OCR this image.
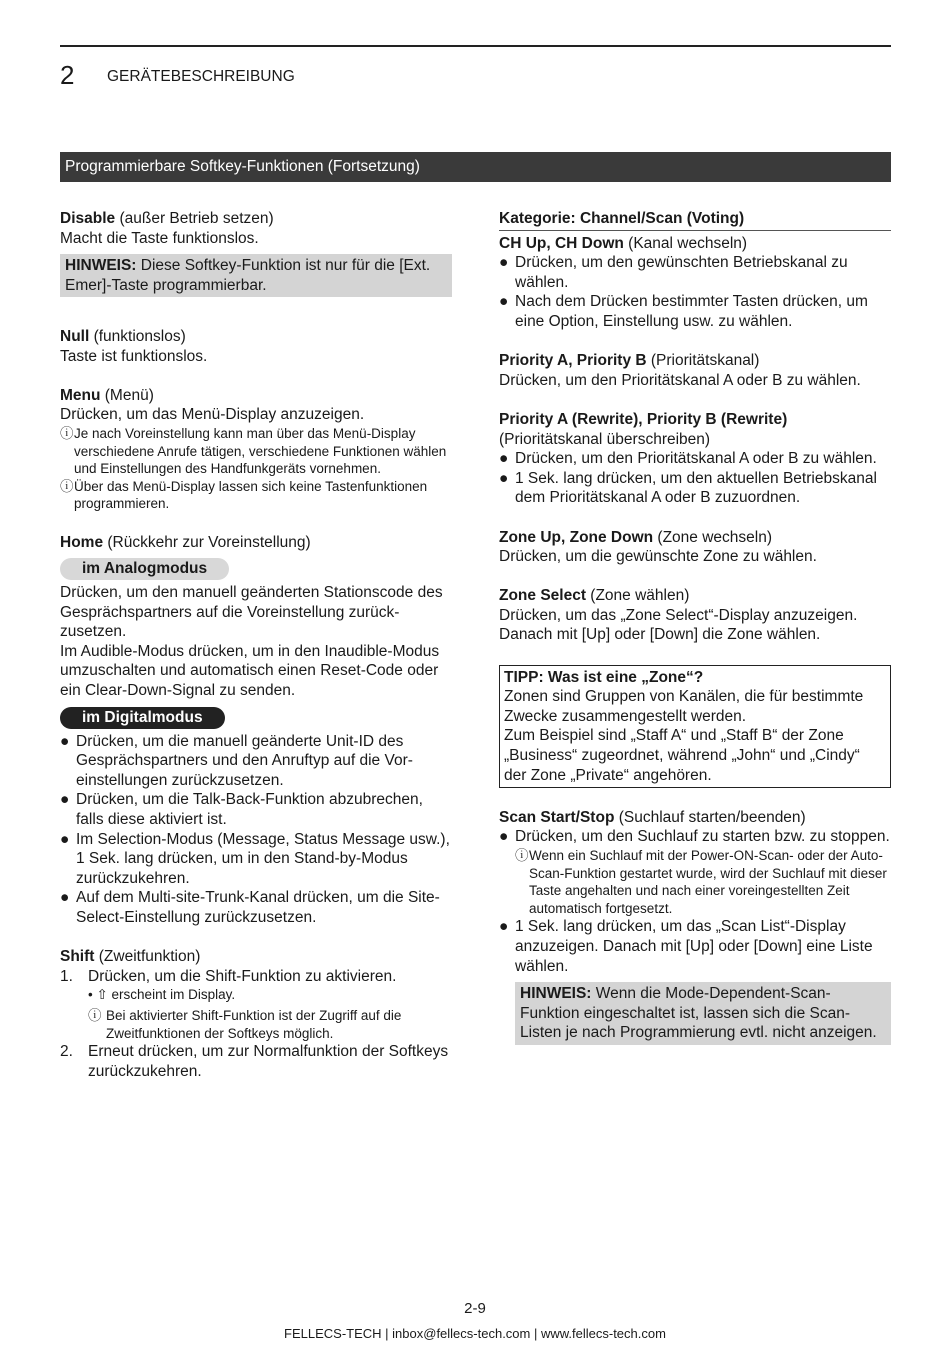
2 GERÄTEBESCHREIBUNG
Programmierbare Softkey-Funktionen (Fortsetzung)
Disable (außer Betrieb setzen)
Macht die Taste funktionslos.
HINWEIS: Diese Softkey-Funktion ist nur für die [Ext. Emer]-Taste programmierbar.
Null (funktionslos)
Taste ist funktionslos.
Menu (Menü)
Drücken, um das Menü-Display anzuzeigen.
ⓘ Je nach Voreinstellung kann man über das Menü-Display verschiedene Anrufe tätigen, verschiedene Funktionen wählen und Einstellungen des Handfunkgeräts vornehmen.
ⓘ Über das Menü-Display lassen sich keine Tastenfunktionen programmieren.
Home (Rückkehr zur Voreinstellung)
im Analogmodus
Drücken, um den manuell geänderten Stationscode des Gesprächspartners auf die Voreinstellung zurückzusetzen.
Im Audible-Modus drücken, um in den Inaudible-Modus umzuschalten und automatisch einen Reset-Code oder ein Clear-Down-Signal zu senden.
im Digitalmodus
● Drücken, um die manuell geänderte Unit-ID des Gesprächspartners und den Anruftyp auf die Voreinstellungen zurückzusetzen.
● Drücken, um die Talk-Back-Funktion abzubrechen, falls diese aktiviert ist.
● Im Selection-Modus (Message, Status Message usw.), 1 Sek. lang drücken, um in den Stand-by-Modus zurückzukehren.
● Auf dem Multi-site-Trunk-Kanal drücken, um die Site-Select-Einstellung zurückzusetzen.
Shift (Zweitfunktion)
1. Drücken, um die Shift-Funktion zu aktivieren.
• ⇧ erscheint im Display.
ⓘ Bei aktivierter Shift-Funktion ist der Zugriff auf die Zweitfunktionen der Softkeys möglich.
2. Erneut drücken, um zur Normalfunktion der Softkeys zurückzukehren.
Kategorie: Channel/Scan (Voting)
CH Up, CH Down (Kanal wechseln)
● Drücken, um den gewünschten Betriebskanal zu wählen.
● Nach dem Drücken bestimmter Tasten drücken, um eine Option, Einstellung usw. zu wählen.
Priority A, Priority B (Prioritätskanal)
Drücken, um den Prioritätskanal A oder B zu wählen.
Priority A (Rewrite), Priority B (Rewrite)
(Prioritätskanal überschreiben)
● Drücken, um den Prioritätskanal A oder B zu wählen.
● 1 Sek. lang drücken, um den aktuellen Betriebskanal dem Prioritätskanal A oder B zuzuordnen.
Zone Up, Zone Down (Zone wechseln)
Drücken, um die gewünschte Zone zu wählen.
Zone Select (Zone wählen)
Drücken, um das „Zone Select“-Display anzuzeigen.
Danach mit [Up] oder [Down] die Zone wählen.
TIPP: Was ist eine „Zone“?
Zonen sind Gruppen von Kanälen, die für bestimmte Zwecke zusammengestellt werden.
Zum Beispiel sind „Staff A“ und „Staff B“ der Zone „Business“ zugeordnet, während „John“ und „Cindy“ der Zone „Private“ angehören.
Scan Start/Stop (Suchlauf starten/beenden)
● Drücken, um den Suchlauf zu starten bzw. zu stoppen.
ⓘ Wenn ein Suchlauf mit der Power-ON-Scan- oder der Auto-Scan-Funktion gestartet wurde, wird der Suchlauf mit dieser Taste angehalten und nach einer voreingestellten Zeit automatisch fortgesetzt.
● 1 Sek. lang drücken, um das „Scan List“-Display anzuzeigen. Danach mit [Up] oder [Down] eine Liste wählen.
HINWEIS: Wenn die Mode-Dependent-Scan-Funktion eingeschaltet ist, lassen sich die Scan-Listen je nach Programmierung evtl. nicht anzeigen.
2-9
FELLECS-TECH | inbox@fellecs-tech.com | www.fellecs-tech.com
